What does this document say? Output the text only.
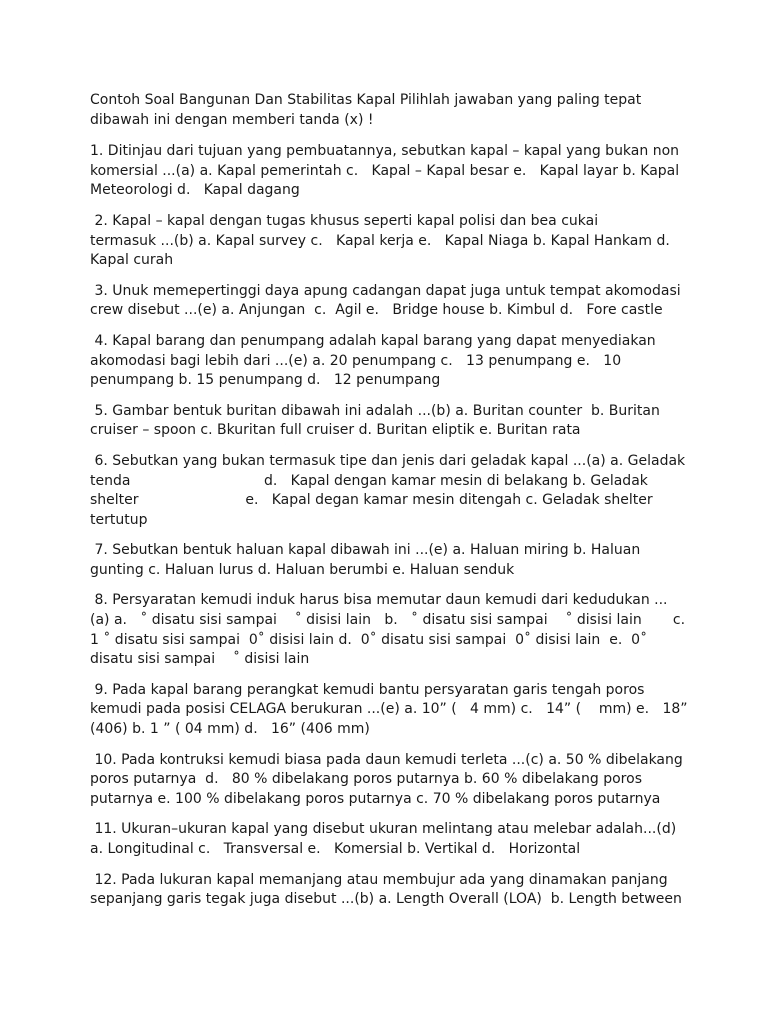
Contoh Soal Bangunan Dan Stabilitas Kapal Pilihlah jawaban yang paling tepat
dibawah ini dengan memberi tanda (x) !

1. Ditinjau dari tujuan yang pembuatannya, sebutkan kapal – kapal yang bukan non
komersial ...(a) a. Kapal pemerintah c.   Kapal – Kapal besar e.   Kapal layar b. Kapal
Meteorologi d.   Kapal dagang

2. Kapal – kapal dengan tugas khusus seperti kapal polisi dan bea cukai
termasuk ...(b) a. Kapal survey c.   Kapal kerja e.   Kapal Niaga b. Kapal Hankam d.
Kapal curah

3. Unuk memepertinggi daya apung cadangan dapat juga untuk tempat akomodasi
crew disebut ...(e) a. Anjungan  c.  Agil e.   Bridge house b. Kimbul d.   Fore castle

4. Kapal barang dan penumpang adalah kapal barang yang dapat menyediakan
akomodasi bagi lebih dari ...(e) a. 20 penumpang c.   13 penumpang e.   10
penumpang b. 15 penumpang d.   12 penumpang

5. Gambar bentuk buritan dibawah ini adalah ...(b) a. Buritan counter  b. Buritan
cruiser – spoon c. Bkuritan full cruiser d. Buritan eliptik e. Buritan rata

6. Sebutkan yang bukan termasuk tipe dan jenis dari geladak kapal ...(a) a. Geladak
tenda                              d.   Kapal dengan kamar mesin di belakang b. Geladak
shelter                        e.   Kapal degan kamar mesin ditengah c. Geladak shelter
tertutup

7. Sebutkan bentuk haluan kapal dibawah ini ...(e) a. Haluan miring b. Haluan
gunting c. Haluan lurus d. Haluan berumbi e. Haluan senduk

8. Persyaratan kemudi induk harus bisa memutar daun kemudi dari kedudukan ...
(a) a.   ˚ disatu sisi sampai    ˚ disisi lain   b.   ˚ disatu sisi sampai    ˚ disisi lain       c.
1 ˚ disatu sisi sampai  0˚ disisi lain d.  0˚ disatu sisi sampai  0˚ disisi lain  e.  0˚
disatu sisi sampai    ˚ disisi lain

9. Pada kapal barang perangkat kemudi bantu persyaratan garis tengah poros
kemudi pada posisi CELAGA berukuran ...(e) a. 10” (   4 mm) c.   14” (    mm) e.   18”
(406) b. 1 ” ( 04 mm) d.   16” (406 mm)

10. Pada kontruksi kemudi biasa pada daun kemudi terleta ...(c) a. 50 % dibelakang
poros putarnya  d.   80 % dibelakang poros putarnya b. 60 % dibelakang poros
putarnya e. 100 % dibelakang poros putarnya c. 70 % dibelakang poros putarnya

11. Ukuran–ukuran kapal yang disebut ukuran melintang atau melebar adalah...(d)
a. Longitudinal c.   Transversal e.   Komersial b. Vertikal d.   Horizontal

12. Pada lukuran kapal memanjang atau membujur ada yang dinamakan panjang
sepanjang garis tegak juga disebut ...(b) a. Length Overall (LOA)  b. Length between
